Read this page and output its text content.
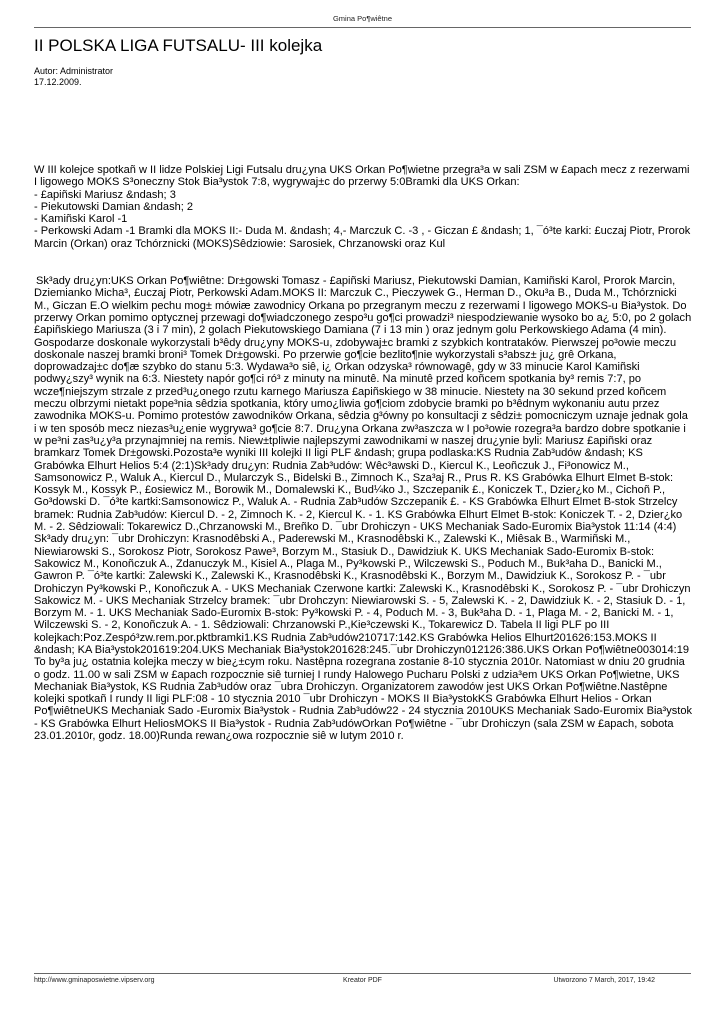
Gmina Po¶wiêtne
II POLSKA LIGA FUTSALU- III kolejka
Autor: Administrator
17.12.2009.

W III kolejce spotkañ w II lidze Polskiej Ligi Futsalu dru¿yna UKS Orkan Po¶wietne przegra³a w sali ZSM w £apach mecz z rezerwami I ligowego MOKS S³oneczny Stok Bia³ystok 7:8, wygrywaj±c do przerwy 5:0Bramki dla UKS Orkan:

- £apiñski Mariusz &ndash; 3
- Piekutowski Damian &ndash; 2
- Kamiñski Karol -1
- Perkowski Adam -1 Bramki dla MOKS II:- Duda M. &ndash; 4,- Marczuk C. -3 , - Giczan £ &ndash; 1, ¯ó³te karki: £uczaj Piotr, Prorok Marcin (Orkan) oraz Tchórznicki (MOKS)Sêdziowie: Sarosiek, Chrzanowski oraz Kul

Sk³ady dru¿yn:UKS Orkan Po¶wiêtne: Dr±gowski Tomasz - £apiñski Mariusz, Piekutowski Damian, Kamiñski Karol, Prorok Marcin, Dziemianko Micha³, £uczaj Piotr, Perkowski Adam.MOKS II: Marczuk C., Pieczywek G., Herman D., Oku³a B., Duda M., Tchórznicki M., Giczan E.O wielkim pechu mog± mówiæ zawodnicy Orkana po przegranym meczu z rezerwami I ligowego MOKS-u Bia³ystok. Do przerwy Orkan pomimo optycznej przewagi do¶wiadczonego zespo³u go¶ci prowadzi³ niespodziewanie wysoko bo a¿ 5:0, po 2 golach £apiñskiego Mariusza (3 i 7 min), 2 golach Piekutowskiego Damiana (7 i 13 min ) oraz jednym golu Perkowskiego Adama (4 min). Gospodarze doskonale wykorzystali b³êdy dru¿yny MOKS-u, zdobywaj±c bramki z szybkich kontrataków. Pierwszej po³owie meczu doskonale naszej bramki broni³ Tomek Dr±gowski. Po przerwie go¶cie bezlito¶nie wykorzystali s³absz± ju¿ grê Orkana, doprowadzaj±c do¶æ szybko do stanu 5:3. Wydawa³o siê, i¿ Orkan odzyska³ równowagê, gdy w 33 minucie Karol Kamiñski podwy¿szy³ wynik na 6:3. Niestety napór go¶ci ró³ z minuty na minutê. Na minutê przed koñcem spotkania by³ remis 7:7, po wcze¶niejszym strzale z przed³u¿onego rzutu karnego Mariusza £apiñskiego w 38 minucie. Niestety na 30 sekund przed koñcem meczu olbrzymi nietakt pope³nia sêdzia spotkania, który umo¿liwia go¶ciom zdobycie bramki po b³êdnym wykonaniu autu przez zawodnika MOKS-u. Pomimo protestów zawodników Orkana, sêdzia g³ówny po konsultacji z sêdzi± pomocniczym uznaje jednak gola i w ten sposób mecz niezas³u¿enie wygrywa³ go¶cie 8:7. Dru¿yna Orkana zw³aszcza w I po³owie rozegra³a bardzo dobre spotkanie i w pe³ni zas³u¿y³a przynajmniej na remis. Niew±tpliwie najlepszymi zawodnikami w naszej dru¿ynie byli: Mariusz £apiñski oraz bramkarz Tomek Dr±gowski.Pozosta³e wyniki III kolejki II ligi PLF &ndash; grupa podlaska:KS Rudnia Zab³udów &ndash; KS Grabówka Elhurt Helios 5:4 (2:1)Sk³ady dru¿yn: Rudnia Zab³udów: Wêc³awski D., Kiercul K., Leoñczuk J., Fi³onowicz M., Samsonowicz P., Waluk A., Kiercul D., Mularczyk S., Bidelski B., Zimnoch K., Sza³aj R., Prus R. KS Grabówka Elhurt Elmet B-stok: Kossyk M., Kossyk P., £osiewicz M., Borowik M., Domalewski K., Bud¼ko J., Szczepanik £., Koniczek T., Dzier¿ko M., Cichoñ P., Go³dowski D. ¯ó³te kartki:Samsonowicz P., Waluk A. - Rudnia Zab³udów Szczepanik £. - KS Grabówka Elhurt Elmet B-stok Strzelcy bramek: Rudnia Zab³udów: Kiercul D. - 2, Zimnoch K. - 2, Kiercul K. - 1. KS Grabówka Elhurt Elmet B-stok: Koniczek T. - 2, Dzier¿ko M. - 2. Sêdziowali: Tokarewicz D.,Chrzanowski M., Breñko D. ¯ubr Drohiczyn - UKS Mechaniak Sado-Euromix Bia³ystok 11:14 (4:4) Sk³ady dru¿yn: ¯ubr Drohiczyn: Krasnodêbski A., Paderewski M., Krasnodêbski K., Zalewski K., Miêsak B., Warmiñski M., Niewiarowski S., Sorokosz Piotr, Sorokosz Pawe³, Borzym M., Stasiuk D., Dawidziuk K. UKS Mechaniak Sado-Euromix B-stok: Sakowicz M., Konoñczuk A., Zdanuczyk M., Kisiel A., Plaga M., Py³kowski P., Wilczewski S., Poduch M., Buk³aha D., Banicki M., Gawron P. ¯ó³te kartki: Zalewski K., Zalewski K., Krasnodêbski K., Krasnodêbski K., Borzym M., Dawidziuk K., Sorokosz P. - ¯ubr Drohiczyn Py³kowski P., Konoñczuk A. - UKS Mechaniak Czerwone kartki: Zalewski K., Krasnodêbski K., Sorokosz P. - ¯ubr Drohiczyn Sakowicz M. - UKS Mechaniak Strzelcy bramek: ¯ubr Drohczyn: Niewiarowski S. - 5, Zalewski K. - 2, Dawidziuk K. - 2, Stasiuk D. - 1, Borzym M. - 1. UKS Mechaniak Sado-Euromix B-stok: Py³kowski P. - 4, Poduch M. - 3, Buk³aha D. - 1, Plaga M. - 2, Banicki M. - 1, Wilczewski S. - 2, Konoñczuk A. - 1. Sêdziowali: Chrzanowski P.,Kie³czewski K., Tokarewicz D. Tabela II ligi PLF po III kolejkach:Poz.Zespó³zw.rem.por.pktbramki1.KS Rudnia Zab³udów210717:142.KS Grabówka Helios Elhurt201626:153.MOKS II &ndash; KA Bia³ystok201619:204.UKS Mechaniak Bia³ystok201628:245.¯ubr Drohiczyn012126:386.UKS Orkan Po¶wiêtne003014:19

To by³a ju¿ ostatnia kolejka meczy w bie¿±cym roku. Nastêpna rozegrana zostanie 8-10 stycznia 2010r. Natomiast w dniu 20 grudnia o godz. 11.00 w sali ZSM w £apach rozpocznie siê turniej I rundy Halowego Pucharu Polski z udzia³em UKS Orkan Po¶wietne, UKS Mechaniak Bia³ystok, KS Rudnia Zab³udów oraz ¯ubra Drohiczyn. Organizatorem zawodów jest UKS Orkan Po¶wiêtne.Nastêpne kolejki spotkañ I rundy II ligi PLF:08 - 10 stycznia 2010 ¯ubr Drohiczyn - MOKS II Bia³ystokKS Grabówka Elhurt Helios - Orkan Po¶wiêtneUKS Mechaniak Sado -Euromix Bia³ystok - Rudnia Zab³udów22 - 24 stycznia 2010UKS Mechaniak Sado-Euromix Bia³ystok - KS Grabówka Elhurt HeliosMOKS II Bia³ystok - Rudnia Zab³udówOrkan Po¶wiêtne - ¯ubr Drohiczyn (sala ZSM w £apach, sobota 23.01.2010r, godz. 18.00)Runda rewan¿owa rozpocznie siê w lutym 2010 r.

http://www.gminaposwietne.vipserv.org	Kreator PDF	Utworzono 7 March, 2017, 19:42
